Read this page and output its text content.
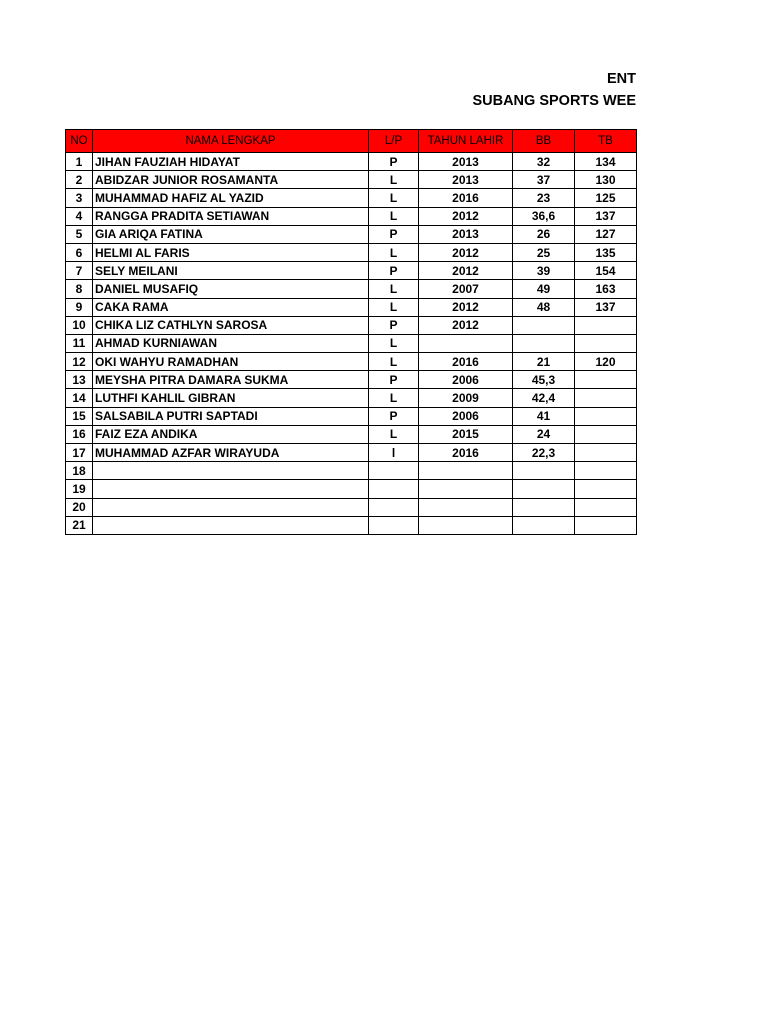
ENT
SUBANG SPORTS WEE
NO	NAMA LENGKAP	L/P	TAHUN LAHIR	BB	TB
1	JIHAN FAUZIAH HIDAYAT	P	2013	32	134
2	ABIDZAR JUNIOR ROSAMANTA	L	2013	37	130
3	MUHAMMAD HAFIZ AL YAZID	L	2016	23	125
4	RANGGA PRADITA SETIAWAN	L	2012	36,6	137
5	GIA ARIQA FATINA	P	2013	26	127
6	HELMI AL FARIS	L	2012	25	135
7	SELY MEILANI	P	2012	39	154
8	DANIEL MUSAFIQ	L	2007	49	163
9	CAKA RAMA	L	2012	48	137
10	CHIKA LIZ CATHLYN SAROSA	P	2012		
11	AHMAD KURNIAWAN	L			
12	OKI WAHYU RAMADHAN	L	2016	21	120
13	MEYSHA PITRA DAMARA SUKMA	P	2006	45,3	
14	LUTHFI KAHLIL GIBRAN	L	2009	42,4	
15	SALSABILA PUTRI SAPTADI	P	2006	41	
16	FAIZ EZA ANDIKA	L	2015	24	
17	MUHAMMAD AZFAR WIRAYUDA	l	2016	22,3	
18					
19					
20					
21					
